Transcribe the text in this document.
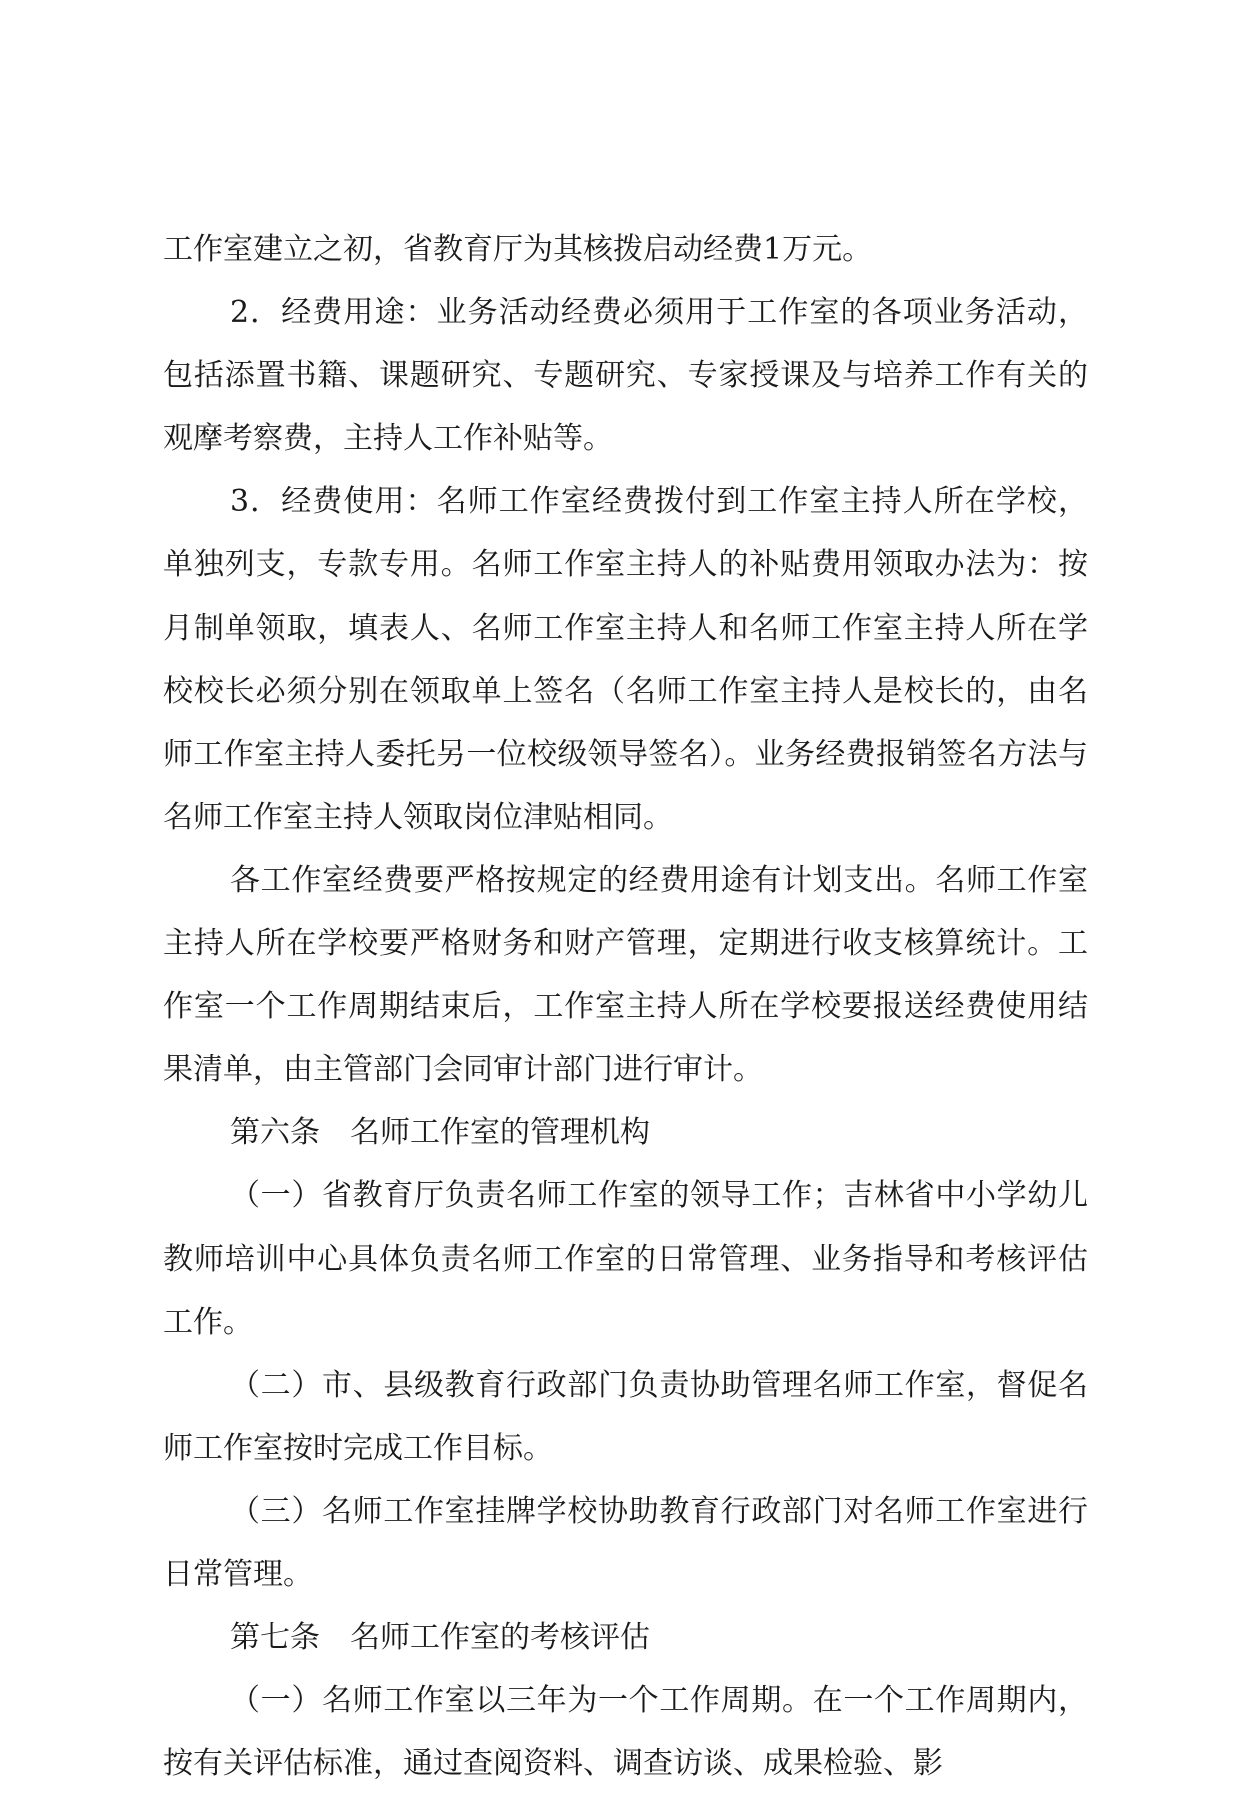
工作室建立之初，省教育厅为其核拨启动经费1万元。

2．经费用途：业务活动经费必须用于工作室的各项业务活动，包括添置书籍、课题研究、专题研究、专家授课及与培养工作有关的观摩考察费，主持人工作补贴等。

3．经费使用：名师工作室经费拨付到工作室主持人所在学校，单独列支，专款专用。名师工作室主持人的补贴费用领取办法为：按月制单领取，填表人、名师工作室主持人和名师工作室主持人所在学校校长必须分别在领取单上签名（名师工作室主持人是校长的，由名师工作室主持人委托另一位校级领导签名）。业务经费报销签名方法与名师工作室主持人领取岗位津贴相同。

各工作室经费要严格按规定的经费用途有计划支出。名师工作室主持人所在学校要严格财务和财产管理，定期进行收支核算统计。工作室一个工作周期结束后，工作室主持人所在学校要报送经费使用结果清单，由主管部门会同审计部门进行审计。

第六条　名师工作室的管理机构

（一）省教育厅负责名师工作室的领导工作；吉林省中小学幼儿教师培训中心具体负责名师工作室的日常管理、业务指导和考核评估工作。

（二）市、县级教育行政部门负责协助管理名师工作室，督促名师工作室按时完成工作目标。

（三）名师工作室挂牌学校协助教育行政部门对名师工作室进行日常管理。

第七条　名师工作室的考核评估

（一）名师工作室以三年为一个工作周期。在一个工作周期内，按有关评估标准，通过查阅资料、调查访谈、成果检验、影
